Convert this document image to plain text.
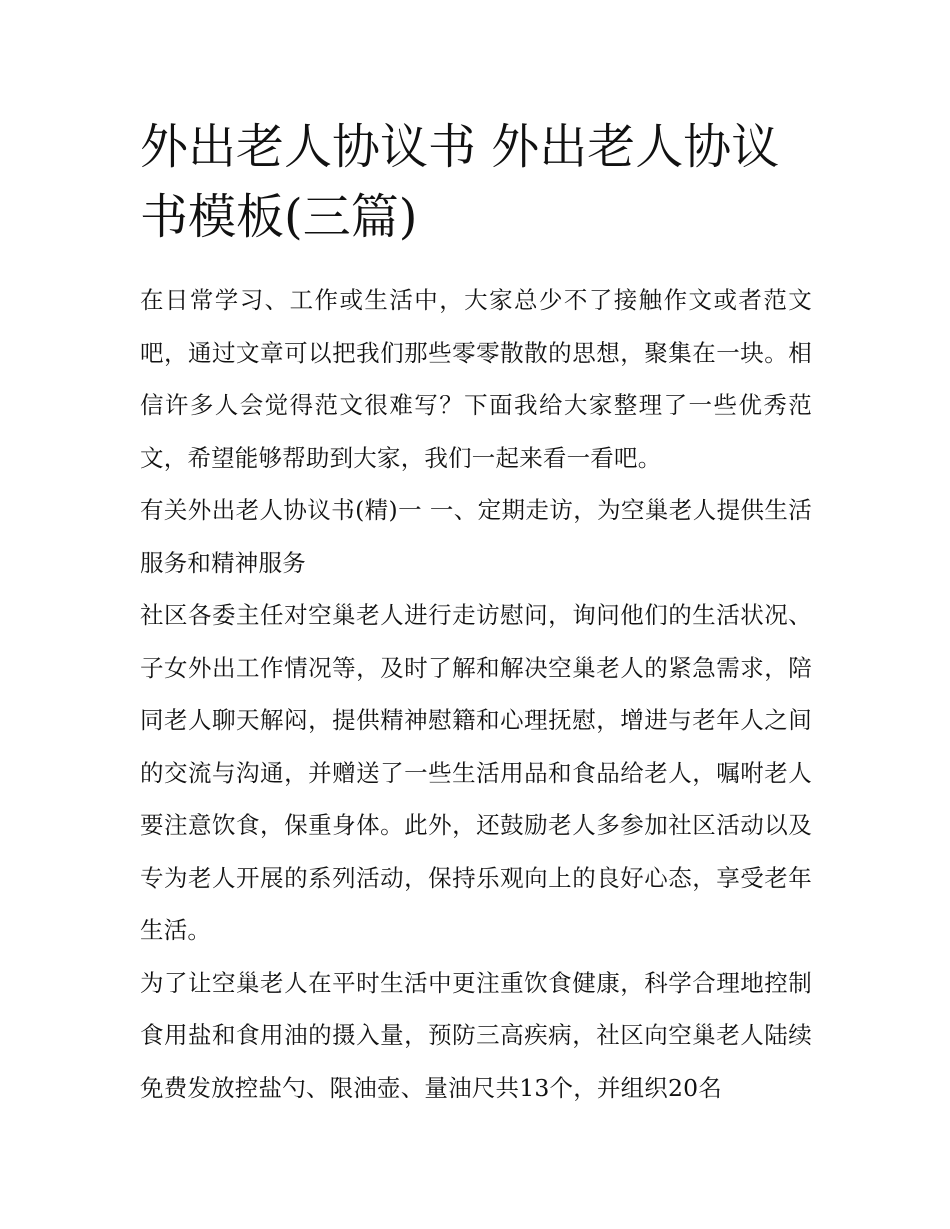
外出老人协议书 外出老人协议书模板(三篇)

在日常学习、工作或生活中，大家总少不了接触作文或者范文吧，通过文章可以把我们那些零零散散的思想，聚集在一块。相信许多人会觉得范文很难写？下面我给大家整理了一些优秀范文，希望能够帮助到大家，我们一起来看一看吧。

有关外出老人协议书(精)一 一、定期走访，为空巢老人提供生活服务和精神服务

社区各委主任对空巢老人进行走访慰问，询问他们的生活状况、子女外出工作情况等，及时了解和解决空巢老人的紧急需求，陪同老人聊天解闷，提供精神慰籍和心理抚慰，增进与老年人之间的交流与沟通，并赠送了一些生活用品和食品给老人，嘱咐老人要注意饮食，保重身体。此外，还鼓励老人多参加社区活动以及专为老人开展的系列活动，保持乐观向上的良好心态，享受老年生活。

为了让空巢老人在平时生活中更注重饮食健康，科学合理地控制食用盐和食用油的摄入量，预防三高疾病，社区向空巢老人陆续免费发放控盐勺、限油壶、量油尺共13个，并组织20名
